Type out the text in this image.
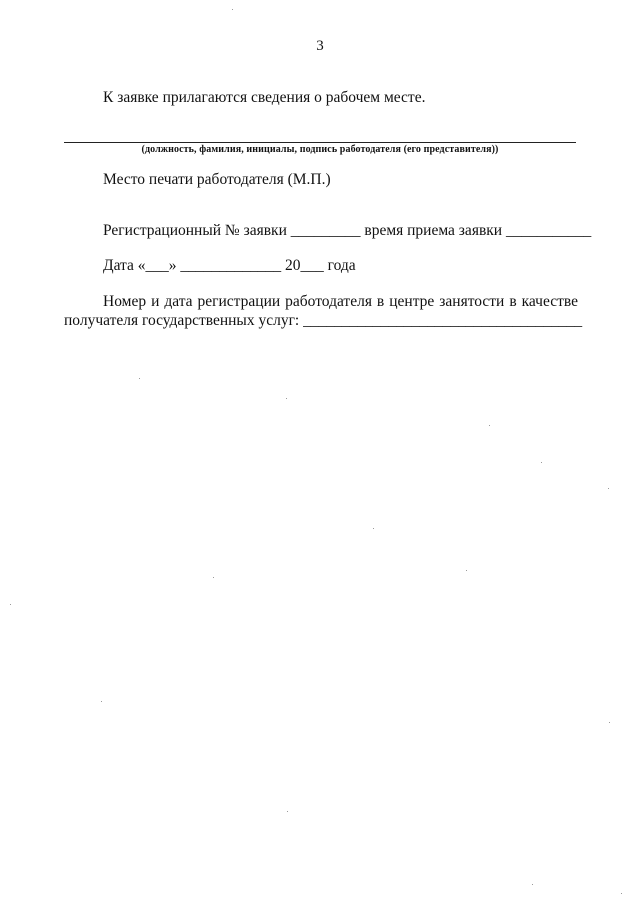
3
К заявке прилагаются сведения о рабочем месте.
(должность, фамилия, инициалы, подпись работодателя (его представителя))
Место печати работодателя (М.П.)
Регистрационный № заявки _________ время приема заявки ___________
Дата «___» _____________ 20___ года
Номер и дата регистрации работодателя в центре занятости в качестве
получателя государственных услуг: ____________________________________
